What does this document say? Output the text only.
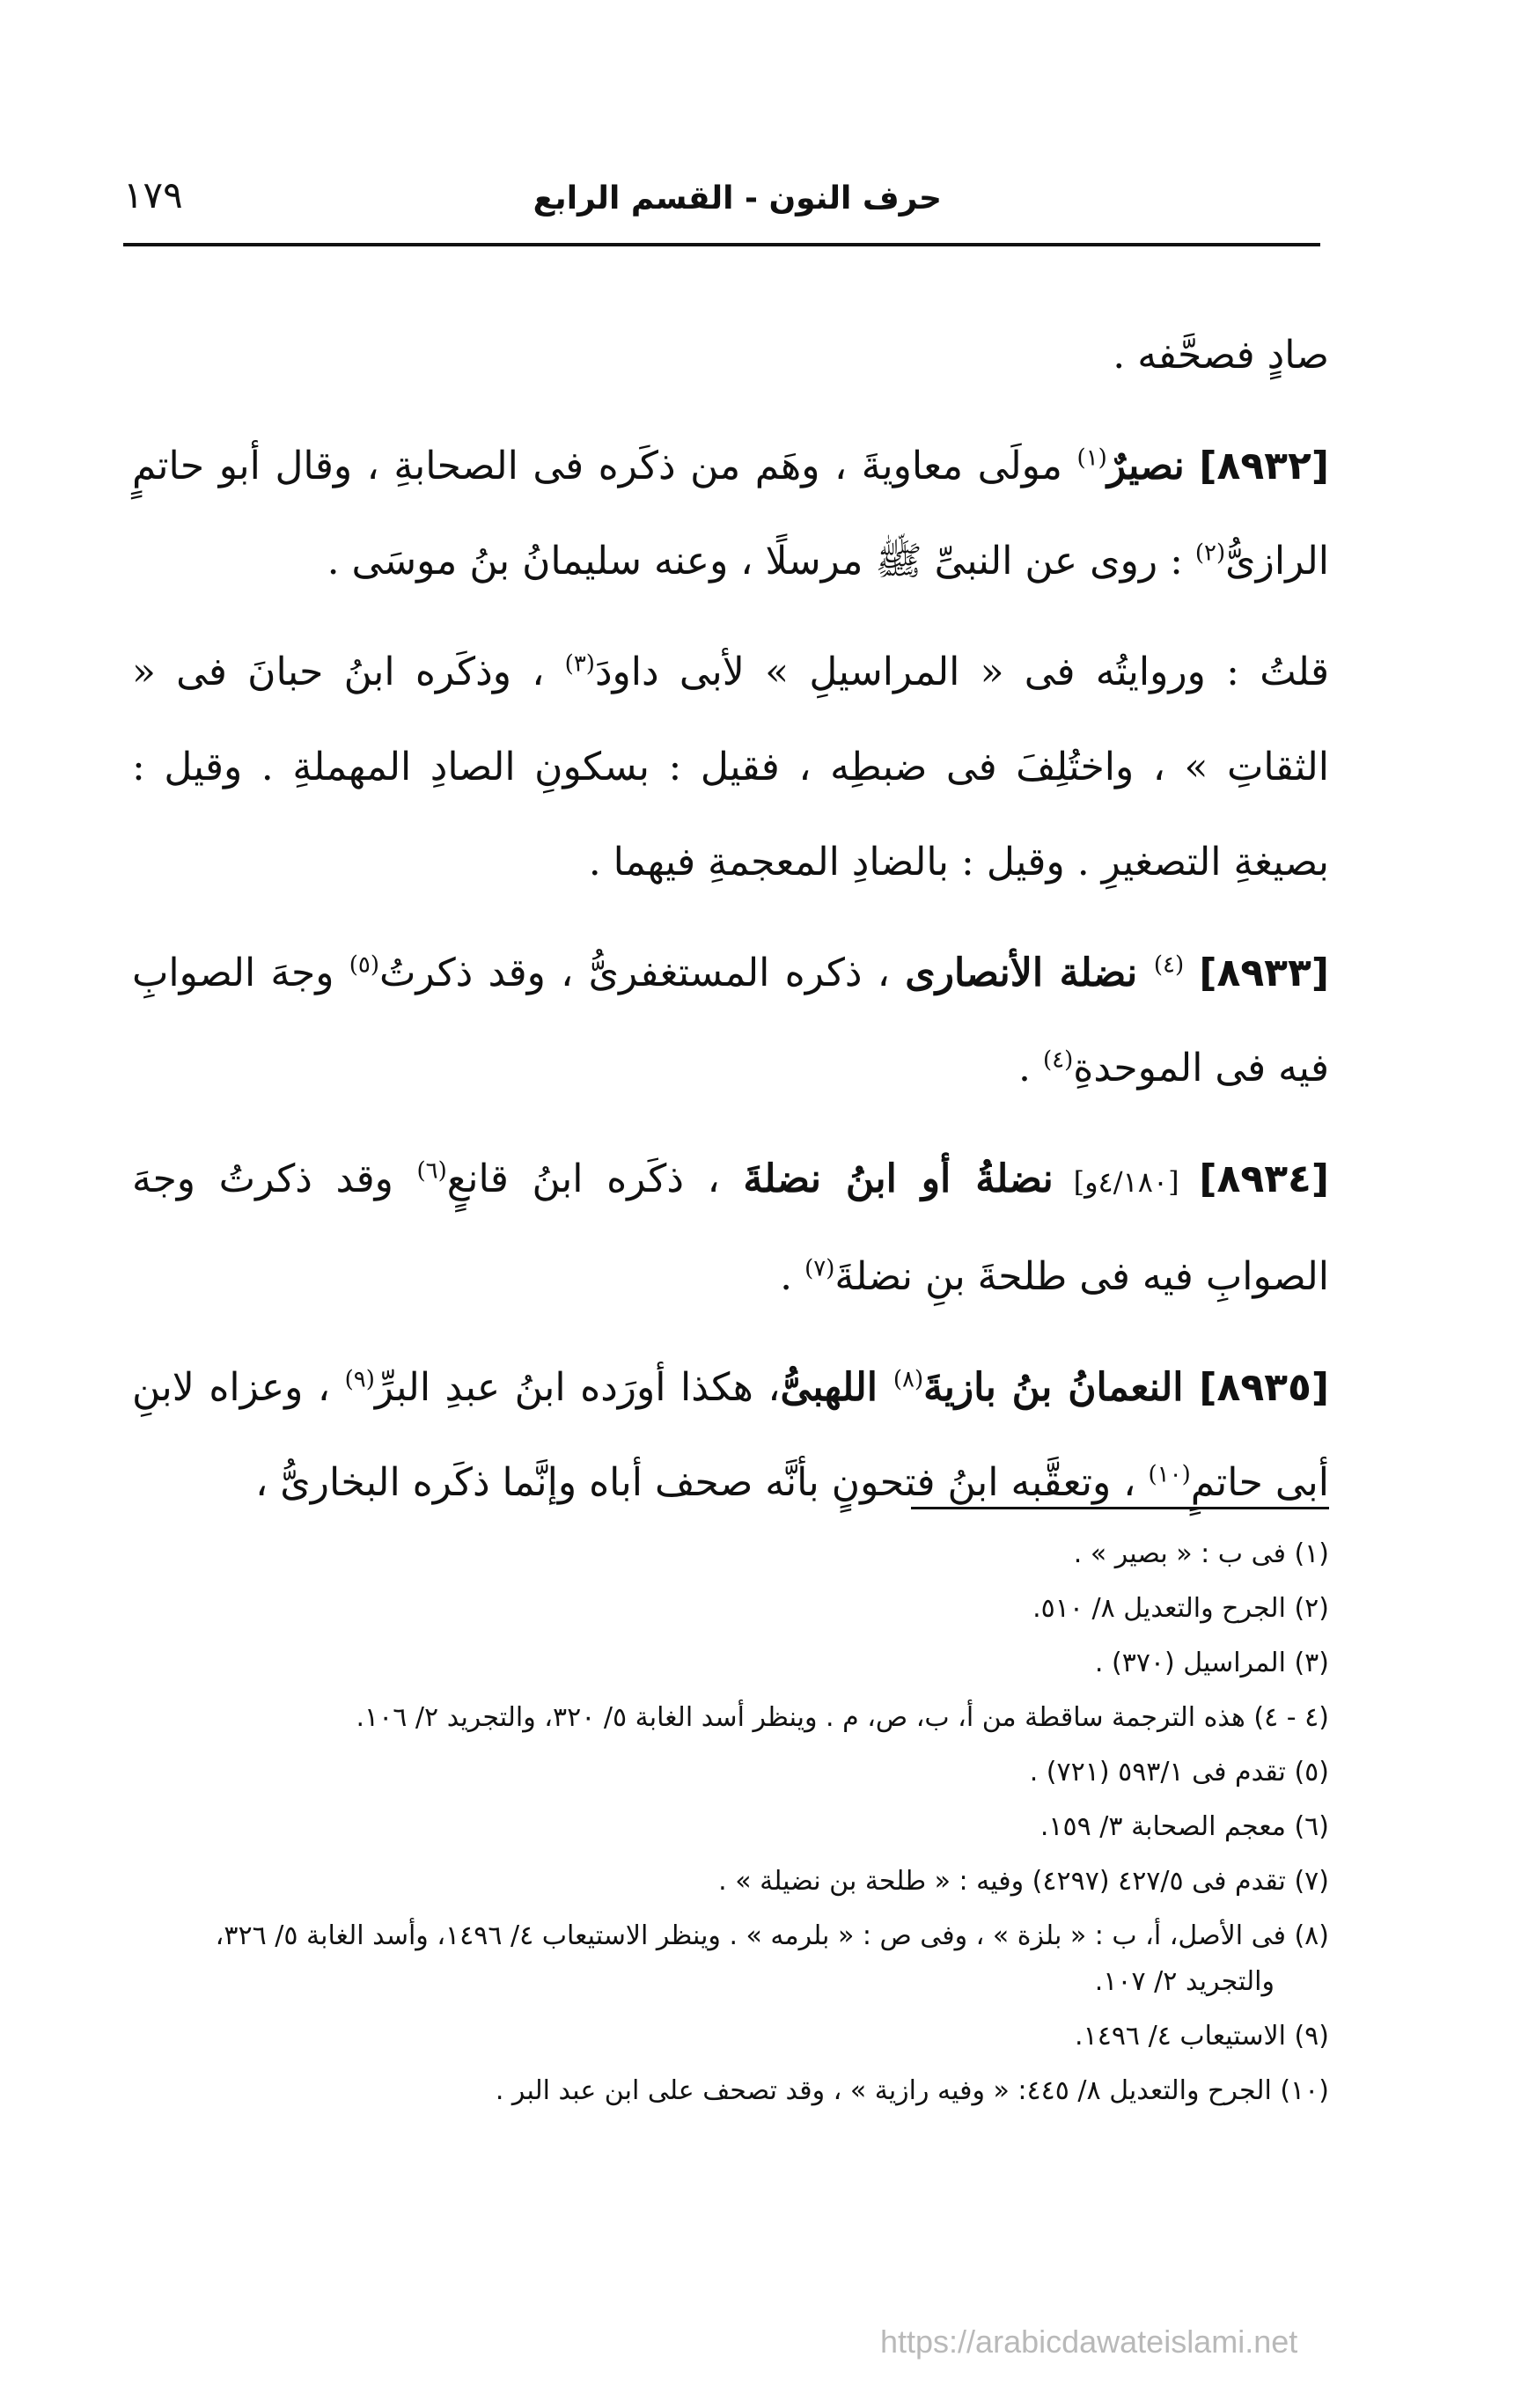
حرف النون - القسم الرابع
١٧٩

صادٍ فصحَّفه .

[٨٩٣٢] نصيرٌ$^{(١)}$ مولَى معاويةَ ، وهَم من ذكَره فى الصحابةِ ، وقال أبو حاتمٍ الرازىُّ$^{(٢)}$ : روى عن النبىِّ ﷺ مرسلًا ، وعنه سليمانُ بنُ موسَى .

قلتُ : وروايتُه فى « المراسيلِ » لأبى داودَ$^{(٣)}$ ، وذكَره ابنُ حبانَ فى « الثقاتِ » ، واختُلِفَ فى ضبطِه ، فقيل : بسكونِ الصادِ المهملةِ . وقيل : بصيغةِ التصغيرِ . وقيل : بالضادِ المعجمةِ فيهما .

[٨٩٣٣] $^{(٤)}$ نضلة الأنصارى ، ذكره المستغفرىُّ ، وقد ذكرتُ$^{(٥)}$ وجهَ الصوابِ فيه فى الموحدةِ$^{(٤)}$ .

[٨٩٣٤] [٤/١٨٠و] نضلةُ أو ابنُ نضلةَ ، ذكَره ابنُ قانعٍ$^{(٦)}$ وقد ذكرتُ وجهَ الصوابِ فيه فى طلحةَ بنِ نضلةَ$^{(٧)}$ .

[٨٩٣٥] النعمانُ بنُ بازيةَ$^{(٨)}$ اللهبىُّ، هكذا أورَده ابنُ عبدِ البرِّ$^{(٩)}$ ، وعزاه لابنِ أبى حاتمٍ$^{(١٠)}$ ، وتعقَّبه ابنُ فتحونٍ بأنَّه صحف أباه وإنَّما ذكَره البخارىُّ ،

(١) فى ب : « بصير » .
(٢) الجرح والتعديل ٨/ ٥١٠.
(٣) المراسيل (٣٧٠) .
(٤ - ٤) هذه الترجمة ساقطة من أ، ب، ص، م . وينظر أسد الغابة ٥/ ٣٢٠، والتجريد ٢/ ١٠٦.
(٥) تقدم فى ٥٩٣/١ (٧٢١) .
(٦) معجم الصحابة ٣/ ١٥٩.
(٧) تقدم فى ٤٢٧/٥ (٤٢٩٧) وفيه : « طلحة بن نضيلة » .
(٨) فى الأصل، أ، ب : « بلزة » ، وفى ص : « بلرمه » . وينظر الاستيعاب ٤/ ١٤٩٦، وأسد الغابة ٥/ ٣٢٦، والتجريد ٢/ ١٠٧.
(٩) الاستيعاب ٤/ ١٤٩٦.
(١٠) الجرح والتعديل ٨/ ٤٤٥: « وفيه رازية » ، وقد تصحف على ابن عبد البر .
https://arabicdawateislami.net
